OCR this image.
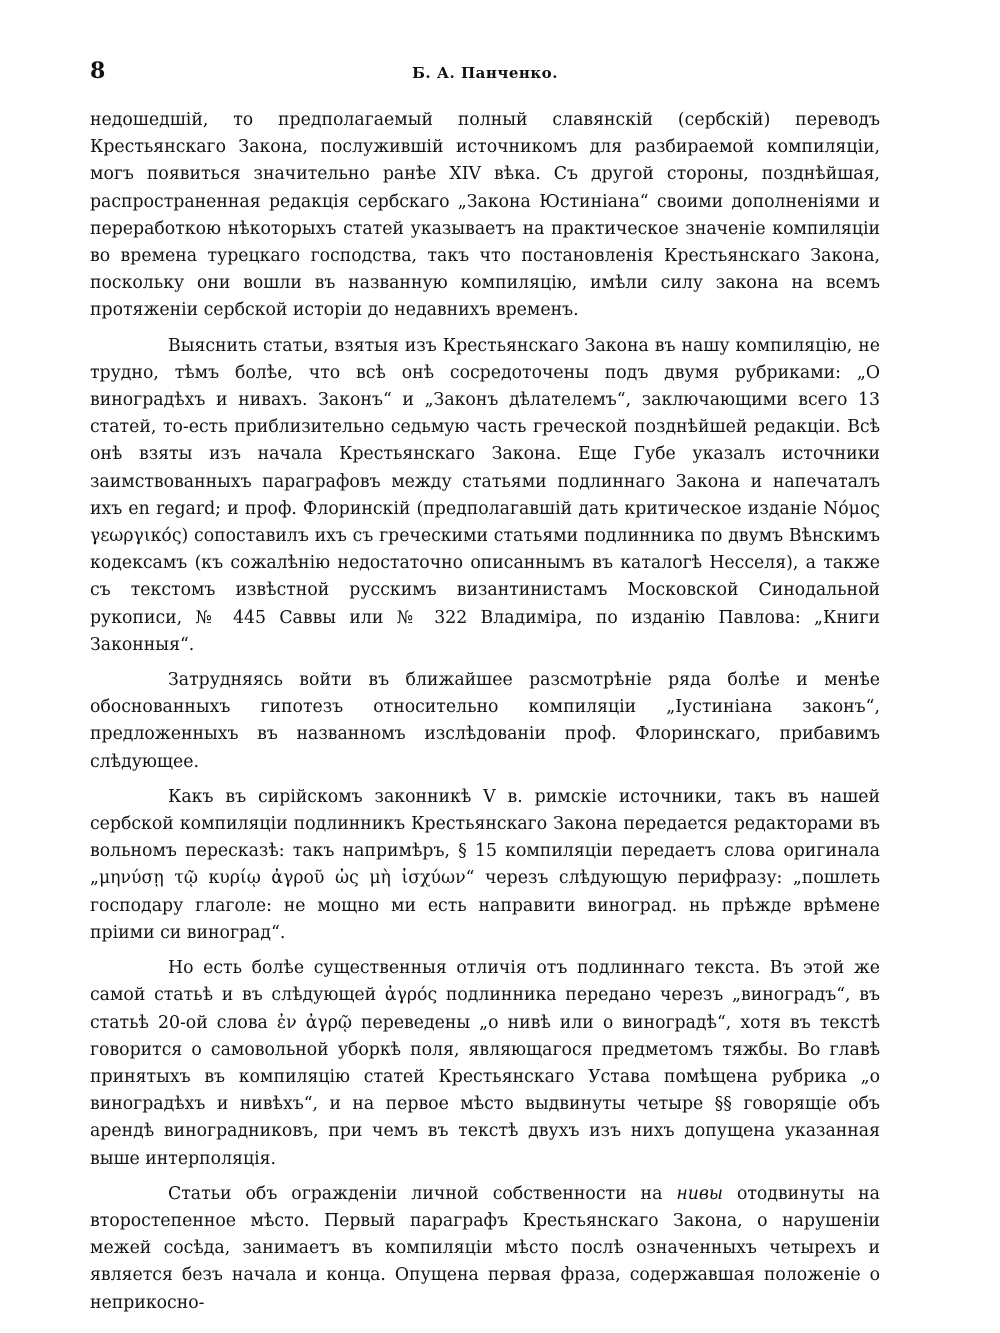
8	Б. А. Панченко.

недошедшій, то предполагаемый полный славянскій (сербскій) переводъ Крестьянскаго Закона, послужившій источникомъ для разбираемой компиляціи, могъ появиться значительно ранѣе XIV вѣка. Съ другой стороны, позднѣйшая, распространенная редакція сербскаго „Закона Юстиніана“ своими дополненіями и переработкою нѣкоторыхъ статей указываетъ на практическое значеніе компиляціи во времена турецкаго господства, такъ что постановленія Крестьянскаго Закона, поскольку они вошли въ названную компиляцію, имѣли силу закона на всемъ протяженіи сербской исторіи до недавнихъ временъ.

Выяснить статьи, взятыя изъ Крестьянскаго Закона въ нашу компиляцію, не трудно, тѣмъ болѣе, что всѣ онѣ сосредоточены подъ двумя рубриками: „О виноградѣхъ и нивахъ. Законъ“ и „Законъ дѣлателемъ“, заключающими всего 13 статей, то-есть приблизительно седьмую часть греческой позднѣйшей редакціи. Всѣ онѣ взяты изъ начала Крестьянскаго Закона. Еще Губе указалъ источники заимствованныхъ параграфовъ между статьями подлиннаго Закона и напечаталъ ихъ en regard; и проф. Флоринскій (предполагавшій дать критическое изданіе Νόμος γεωργικός) сопоставилъ ихъ съ греческими статьями подлинника по двумъ Вѣнскимъ кодексамъ (къ сожалѣнію недостаточно описаннымъ въ каталогѣ Несселя), а также съ текстомъ извѣстной русскимъ византинистамъ Московской Синодальной рукописи, № 445 Саввы или № 322 Владиміра, по изданію Павлова: „Книги Законныя“.

Затрудняясь войти въ ближайшее разсмотрѣніе ряда болѣе и менѣе обоснованныхъ гипотезъ относительно компиляціи „Іустиніана законъ“, предложенныхъ въ названномъ изслѣдованіи проф. Флоринскаго, прибавимъ слѣдующее.

Какъ въ сирійскомъ законникѣ V в. римскіе источники, такъ въ нашей сербской компиляціи подлинникъ Крестьянскаго Закона передается редакторами въ вольномъ пересказѣ: такъ напримѣръ, § 15 компиляціи передаетъ слова оригинала „μηνύσῃ τῷ κυρίῳ ἀγροῦ ὡς μὴ ἰσχύων“ черезъ слѣдующую перифразу: „пошлеть господару глаголе: не мощно ми есть направити виноград. нь прѣжде врѣмене пріими си виноград“.

Но есть болѣе существенныя отличія отъ подлиннаго текста. Въ этой же самой статьѣ и въ слѣдующей ἀγρός подлинника передано черезъ „виноградъ“, въ статьѣ 20-ой слова ἐν ἀγρῷ переведены „о нивѣ или о виноградѣ“, хотя въ текстѣ говорится о самовольной уборкѣ поля, являющагося предметомъ тяжбы. Во главѣ принятыхъ въ компиляцію статей Крестьянскаго Устава помѣщена рубрика „о виноградѣхъ и нивѣхъ“, и на первое мѣсто выдвинуты четыре §§ говорящіе объ арендѣ виноградниковъ, при чемъ въ текстѣ двухъ изъ нихъ допущена указанная выше интерполяція.

Статьи объ огражденіи личной собственности на нивы отодвинуты на второстепенное мѣсто. Первый параграфъ Крестьянскаго Закона, о нарушеніи межей сосѣда, занимаетъ въ компиляціи мѣсто послѣ означенныхъ четырехъ и является безъ начала и конца. Опущена первая фраза, содержавшая положеніе о неприкосно-
